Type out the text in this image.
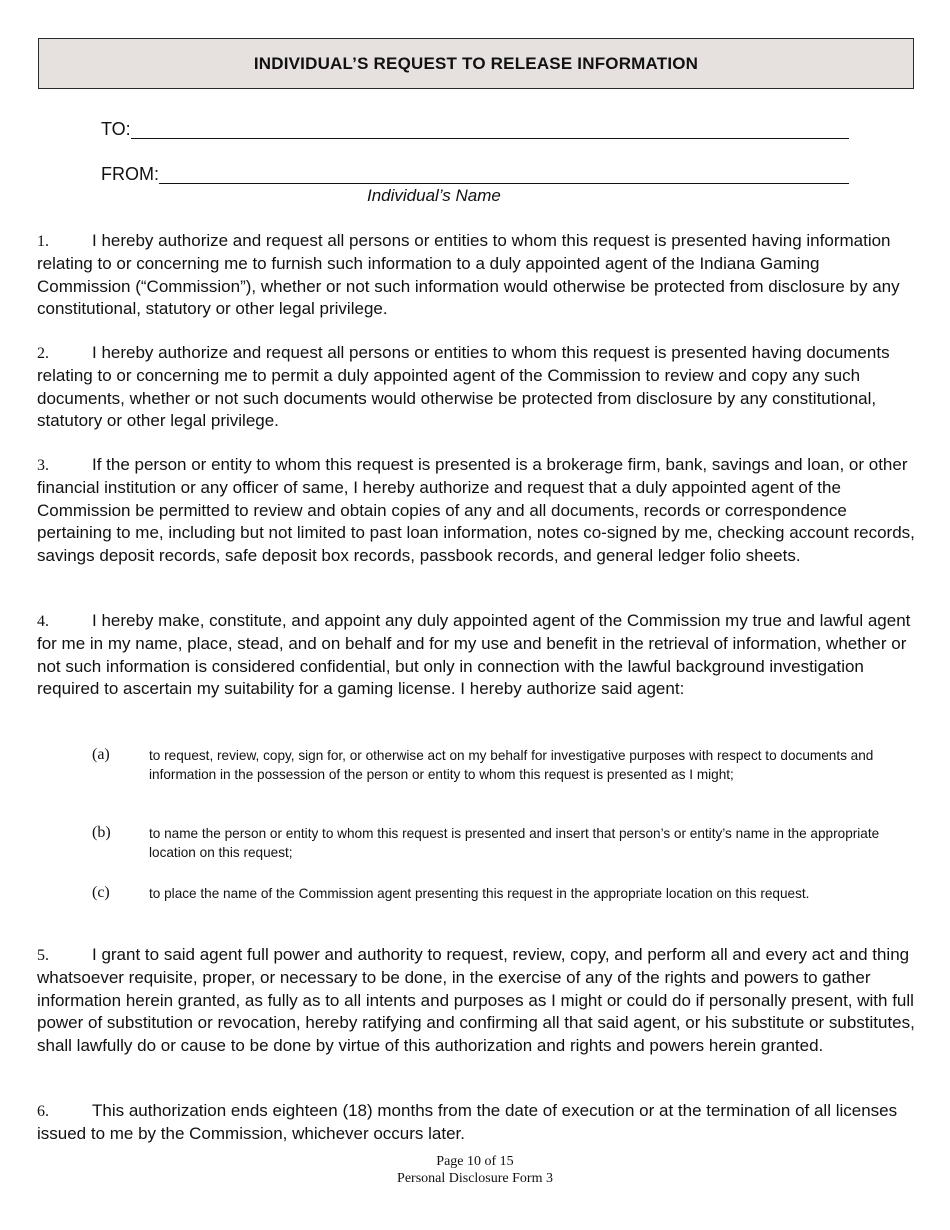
INDIVIDUAL’S REQUEST TO RELEASE INFORMATION
TO:
FROM:
Individual’s Name
1.	I hereby authorize and request all persons or entities to whom this request is presented having information relating to or concerning me to furnish such information to a duly appointed agent of the Indiana Gaming Commission (“Commission”), whether or not such information would otherwise be protected from disclosure by any constitutional, statutory or other legal privilege.
2.	I hereby authorize and request all persons or entities to whom this request is presented having documents relating to or concerning me to permit a duly appointed agent of the Commission to review and copy any such documents, whether or not such documents would otherwise be protected from disclosure by any constitutional, statutory or other legal privilege.
3.	If the person or entity to whom this request is presented is a brokerage firm, bank, savings and loan, or other financial institution or any officer of same, I hereby authorize and request that a duly appointed agent of the Commission be permitted to review and obtain copies of any and all documents, records or correspondence pertaining to me, including but not limited to past loan information, notes co-signed by me, checking account records, savings deposit records, safe deposit box records, passbook records, and general ledger folio sheets.
4.	I hereby make, constitute, and appoint any duly appointed agent of the Commission my true and lawful agent for me in my name, place, stead, and on behalf and for my use and benefit in the retrieval of information, whether or not such information is considered confidential, but only in connection with the lawful background investigation required to ascertain my suitability for a gaming license. I hereby authorize said agent:
(a)	to request, review, copy, sign for, or otherwise act on my behalf for investigative purposes with respect to documents and information in the possession of the person or entity to whom this request is presented as I might;
(b)	to name the person or entity to whom this request is presented and insert that person’s or entity’s name in the appropriate location on this request;
(c)	to place the name of the Commission agent presenting this request in the appropriate location on this request.
5.	I grant to said agent full power and authority to request, review, copy, and perform all and every act and thing whatsoever requisite, proper, or necessary to be done, in the exercise of any of the rights and powers to gather information herein granted, as fully as to all intents and purposes as I might or could do if personally present, with full power of substitution or revocation, hereby ratifying and confirming all that said agent, or his substitute or substitutes, shall lawfully do or cause to be done by virtue of this authorization and rights and powers herein granted.
6.	This authorization ends eighteen (18) months from the date of execution or at the termination of all licenses issued to me by the Commission, whichever occurs later.
Page 10 of 15
Personal Disclosure Form 3
